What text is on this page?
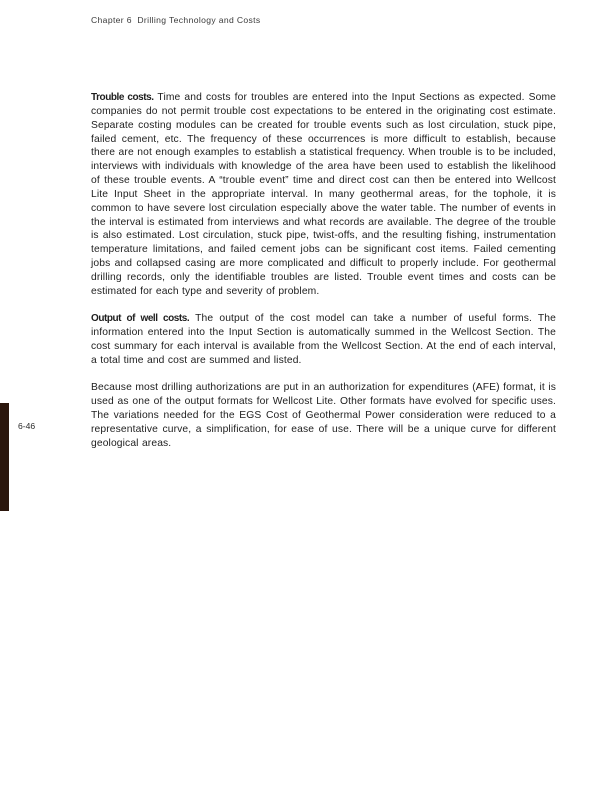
Chapter 6  Drilling Technology and Costs
6-46

Trouble costs. Time and costs for troubles are entered into the Input Sections as expected. Some companies do not permit trouble cost expectations to be entered in the originating cost estimate. Separate costing modules can be created for trouble events such as lost circulation, stuck pipe, failed cement, etc. The frequency of these occurrences is more difficult to establish, because there are not enough examples to establish a statistical frequency. When trouble is to be included, interviews with individuals with knowledge of the area have been used to establish the likelihood of these trouble events. A “trouble event” time and direct cost can then be entered into Wellcost Lite Input Sheet in the appropriate interval. In many geothermal areas, for the tophole, it is common to have severe lost circulation especially above the water table. The number of events in the interval is estimated from interviews and what records are available. The degree of the trouble is also estimated. Lost circulation, stuck pipe, twist-offs, and the resulting fishing, instrumentation temperature limitations, and failed cement jobs can be significant cost items. Failed cementing jobs and collapsed casing are more complicated and difficult to properly include. For geothermal drilling records, only the identifiable troubles are listed. Trouble event times and costs can be estimated for each type and severity of problem.

Output of well costs. The output of the cost model can take a number of useful forms. The information entered into the Input Section is automatically summed in the Wellcost Section. The cost summary for each interval is available from the Wellcost Section. At the end of each interval, a total time and cost are summed and listed.

Because most drilling authorizations are put in an authorization for expenditures (AFE) format, it is used as one of the output formats for Wellcost Lite. Other formats have evolved for specific uses. The variations needed for the EGS Cost of Geothermal Power consideration were reduced to a representative curve, a simplification, for ease of use. There will be a unique curve for different geological areas.
